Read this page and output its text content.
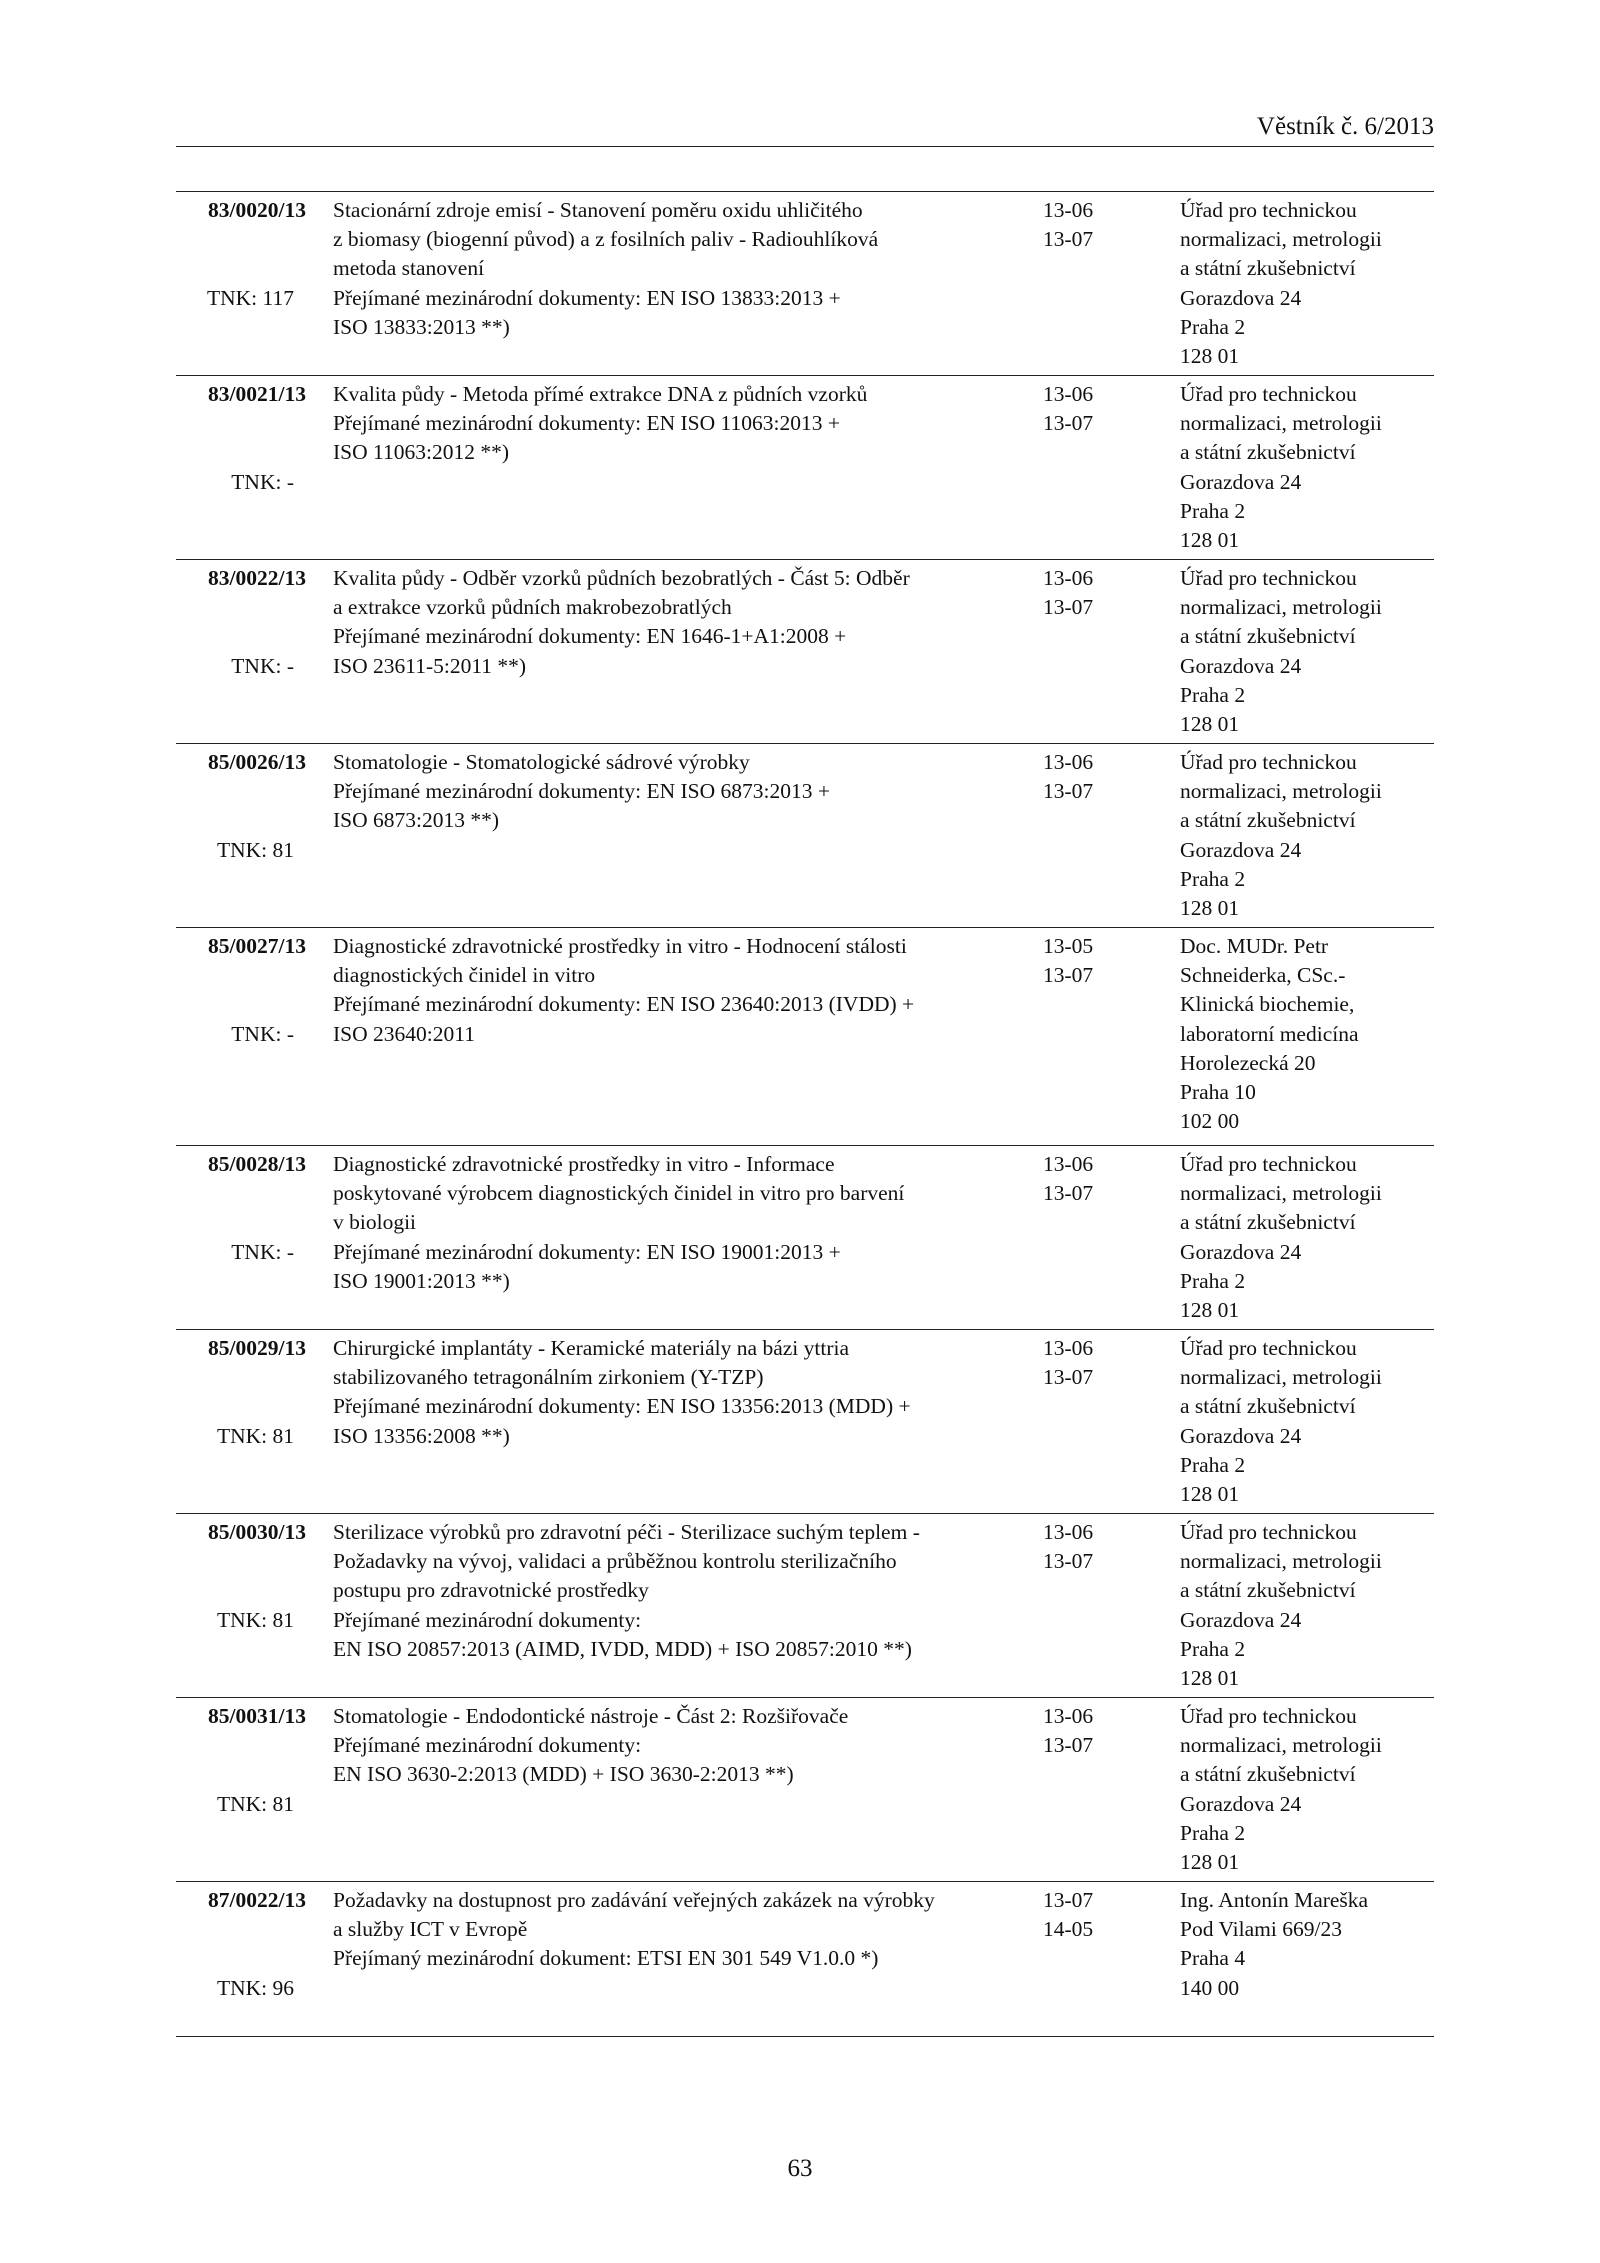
Věstník č. 6/2013
83/0020/13
TNK: 117
Stacionární zdroje emisí - Stanovení poměru oxidu uhličitého
z biomasy (biogenní původ) a z fosilních paliv - Radiouhlíková
metoda stanovení
Přejímané mezinárodní dokumenty: EN ISO 13833:2013 +
ISO 13833:2013 **)
13-06
13-07
Úřad pro technickou
normalizaci, metrologii
a státní zkušebnictví
Gorazdova 24
Praha 2
128 01
83/0021/13
TNK: -
Kvalita půdy - Metoda přímé extrakce DNA z půdních vzorků
Přejímané mezinárodní dokumenty: EN ISO 11063:2013 +
ISO 11063:2012 **)
13-06
13-07
Úřad pro technickou
normalizaci, metrologii
a státní zkušebnictví
Gorazdova 24
Praha 2
128 01
83/0022/13
TNK: -
Kvalita půdy - Odběr vzorků půdních bezobratlých - Část 5: Odběr
a extrakce vzorků půdních makrobezobratlých
Přejímané mezinárodní dokumenty: EN 1646-1+A1:2008 +
ISO 23611-5:2011 **)
13-06
13-07
Úřad pro technickou
normalizaci, metrologii
a státní zkušebnictví
Gorazdova 24
Praha 2
128 01
85/0026/13
TNK: 81
Stomatologie - Stomatologické sádrové výrobky
Přejímané mezinárodní dokumenty: EN ISO 6873:2013 +
ISO 6873:2013 **)
13-06
13-07
Úřad pro technickou
normalizaci, metrologii
a státní zkušebnictví
Gorazdova 24
Praha 2
128 01
85/0027/13
TNK: -
Diagnostické zdravotnické prostředky in vitro - Hodnocení stálosti
diagnostických činidel in vitro
Přejímané mezinárodní dokumenty: EN ISO 23640:2013 (IVDD) +
ISO 23640:2011
13-05
13-07
Doc. MUDr. Petr
Schneiderka, CSc.-
Klinická biochemie,
laboratorní medicína
Horolezecká 20
Praha 10
102 00
85/0028/13
TNK: -
Diagnostické zdravotnické prostředky in vitro - Informace
poskytované výrobcem diagnostických činidel in vitro pro barvení
v biologii
Přejímané mezinárodní dokumenty: EN ISO 19001:2013 +
ISO 19001:2013 **)
13-06
13-07
Úřad pro technickou
normalizaci, metrologii
a státní zkušebnictví
Gorazdova 24
Praha 2
128 01
85/0029/13
TNK: 81
Chirurgické implantáty - Keramické materiály na bázi yttria
stabilizovaného tetragonálním zirkoniem (Y-TZP)
Přejímané mezinárodní dokumenty: EN ISO 13356:2013 (MDD) +
ISO 13356:2008 **)
13-06
13-07
Úřad pro technickou
normalizaci, metrologii
a státní zkušebnictví
Gorazdova 24
Praha 2
128 01
85/0030/13
TNK: 81
Sterilizace výrobků pro zdravotní péči - Sterilizace suchým teplem -
Požadavky na vývoj, validaci a průběžnou kontrolu sterilizačního
postupu pro zdravotnické prostředky
Přejímané mezinárodní dokumenty:
EN ISO 20857:2013 (AIMD, IVDD, MDD) + ISO 20857:2010 **)
13-06
13-07
Úřad pro technickou
normalizaci, metrologii
a státní zkušebnictví
Gorazdova 24
Praha 2
128 01
85/0031/13
TNK: 81
Stomatologie - Endodontické nástroje - Část 2: Rozšiřovače
Přejímané mezinárodní dokumenty:
EN ISO 3630-2:2013 (MDD) + ISO 3630-2:2013 **)
13-06
13-07
Úřad pro technickou
normalizaci, metrologii
a státní zkušebnictví
Gorazdova 24
Praha 2
128 01
87/0022/13
TNK: 96
Požadavky na dostupnost pro zadávání veřejných zakázek na výrobky
a služby ICT v Evropě
Přejímaný mezinárodní dokument: ETSI EN 301 549 V1.0.0 *)
13-07
14-05
Ing. Antonín Mareška
Pod Vilami 669/23
Praha 4
140 00
63
